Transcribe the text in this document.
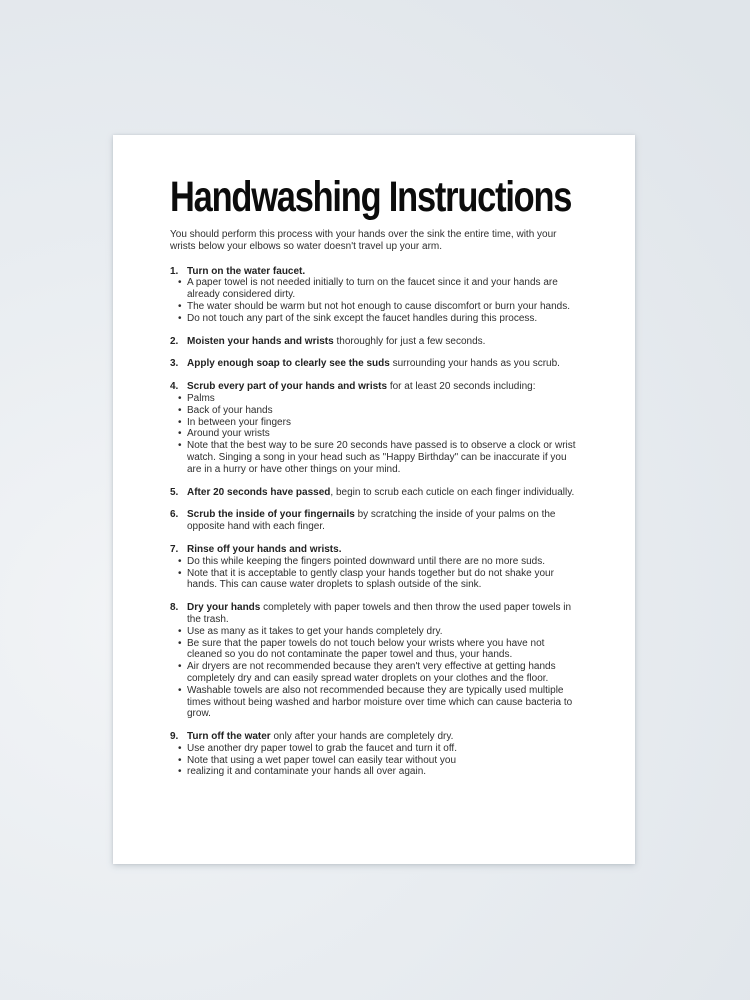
Handwashing Instructions

You should perform this process with your hands over the sink the entire time, with your wrists below your elbows so water doesn't travel up your arm.

1. Turn on the water faucet.

• A paper towel is not needed initially to turn on the faucet since it and your hands are already considered dirty.
• The water should be warm but not hot enough to cause discomfort or burn your hands.
• Do not touch any part of the sink except the faucet handles during this process.
2. Moisten your hands and wrists thoroughly for just a few seconds.

3. Apply enough soap to clearly see the suds surrounding your hands as you scrub.

4. Scrub every part of your hands and wrists for at least 20 seconds including:

• Palms
• Back of your hands
• In between your fingers
• Around your wrists
• Note that the best way to be sure 20 seconds have passed is to observe a clock or wrist watch. Singing a song in your head such as "Happy Birthday" can be inaccurate if you are in a hurry or have other things on your mind.
5. After 20 seconds have passed, begin to scrub each cuticle on each finger individually.

6. Scrub the inside of your fingernails by scratching the inside of your palms on the opposite hand with each finger.

7. Rinse off your hands and wrists.

• Do this while keeping the fingers pointed downward until there are no more suds.
• Note that it is acceptable to gently clasp your hands together but do not shake your hands. This can cause water droplets to splash outside of the sink.
8. Dry your hands completely with paper towels and then throw the used paper towels in the trash.

• Use as many as it takes to get your hands completely dry.
• Be sure that the paper towels do not touch below your wrists where you have not cleaned so you do not contaminate the paper towel and thus, your hands.
• Air dryers are not recommended because they aren't very effective at getting hands completely dry and can easily spread water droplets on your clothes and the floor.
• Washable towels are also not recommended because they are typically used multiple times without being washed and harbor moisture over time which can cause bacteria to grow.
9. Turn off the water only after your hands are completely dry.

• Use another dry paper towel to grab the faucet and turn it off.
• Note that using a wet paper towel can easily tear without you
• realizing it and contaminate your hands all over again.
